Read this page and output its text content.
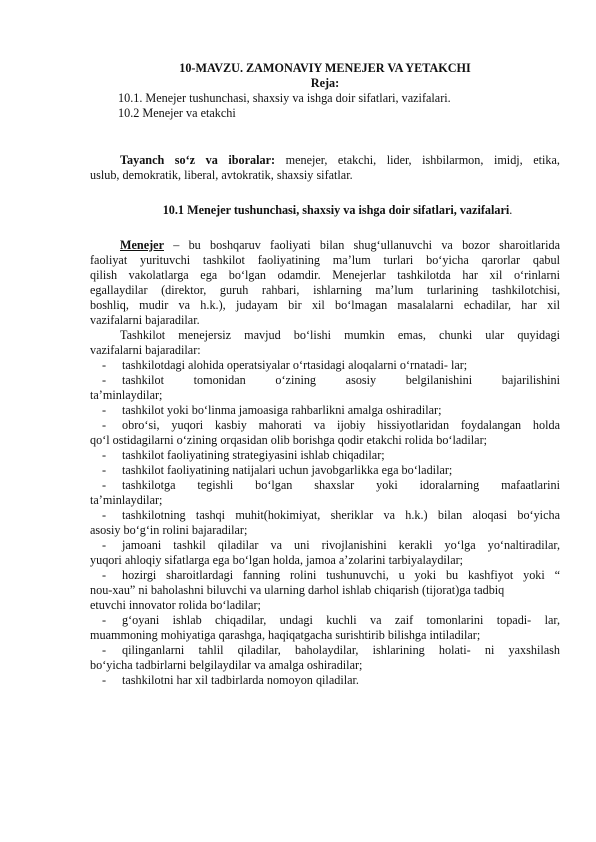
10-MAVZU. ZAMONAVIY MENEJER VA YETAKCHI
Reja:
10.1. Menejer tushunchasi, shaxsiy va ishga doir sifatlari, vazifalari.
10.2 Menejer va etakchi
Tayanch so‘z va iboralar: menejer, etakchi, lider, ishbilarmon, imidj, etika,
uslub, demokratik, liberal, avtokratik, shaxsiy sifatlar.
10.1 Menejer tushunchasi, shaxsiy va ishga doir sifatlari, vazifalari.
Menejer – bu boshqaruv faoliyati bilan shug‘ullanuvchi va bozor sharoitlarida
faoliyat yurituvchi tashkilot faoliyatining ma’lum turlari bo‘yicha qarorlar qabul
qilish vakolatlarga ega bo‘lgan odamdir. Menejerlar tashkilotda har xil o‘rinlarni
egallaydilar (direktor, guruh rahbari, ishlarning ma’lum turlarining tashkilotchisi,
boshliq, mudir va h.k.), judayam bir xil bo‘lmagan masalalarni echadilar, har xil
vazifalarni bajaradilar.
Tashkilot menejersiz mavjud bo‘lishi mumkin emas, chunki ular quyidagi
vazifalarni bajaradilar:
- tashkilotdagi alohida operatsiyalar o‘rtasidagi aloqalarni o‘rnatadi- lar;
- tashkilot tomonidan o‘zining asosiy belgilanishini bajarilishini
ta’minlaydilar;
- tashkilot yoki bo‘linma jamoasiga rahbarlikni amalga oshiradilar;
- obro‘si, yuqori kasbiy mahorati va ijobiy hissiyotlaridan foydalangan holda
qo‘l ostidagilarni o‘zining orqasidan olib borishga qodir etakchi rolida bo‘ladilar;
- tashkilot faoliyatining strategiyasini ishlab chiqadilar;
- tashkilot faoliyatining natijalari uchun javobgarlikka ega bo‘ladilar;
- tashkilotga tegishli bo‘lgan shaxslar yoki idoralarning mafaatlarini
ta’minlaydilar;
- tashkilotning tashqi muhit(hokimiyat, sheriklar va h.k.) bilan aloqasi bo‘yicha
asosiy bo‘g‘in rolini bajaradilar;
- jamoani tashkil qiladilar va uni rivojlanishini kerakli yo‘lga yo‘naltiradilar,
yuqori ahloqiy sifatlarga ega bo‘lgan holda, jamoa a’zolarini tarbiyalaydilar;
- hozirgi sharoitlardagi fanning rolini tushunuvchi, u yoki bu kashfiyot yoki “
nou-xau” ni baholashni biluvchi va ularning darhol ishlab chiqarish (tijorat)ga tadbiq
etuvchi innovator rolida bo‘ladilar;
- g‘oyani ishlab chiqadilar, undagi kuchli va zaif tomonlarini topadi- lar,
muammoning mohiyatiga qarashga, haqiqatgacha surishtirib bilishga intiladilar;
- qilinganlarni tahlil qiladilar, baholaydilar, ishlarining holati- ni yaxshilash
bo‘yicha tadbirlarni belgilaydilar va amalga oshiradilar;
- tashkilotni har xil tadbirlarda nomoyon qiladilar.
